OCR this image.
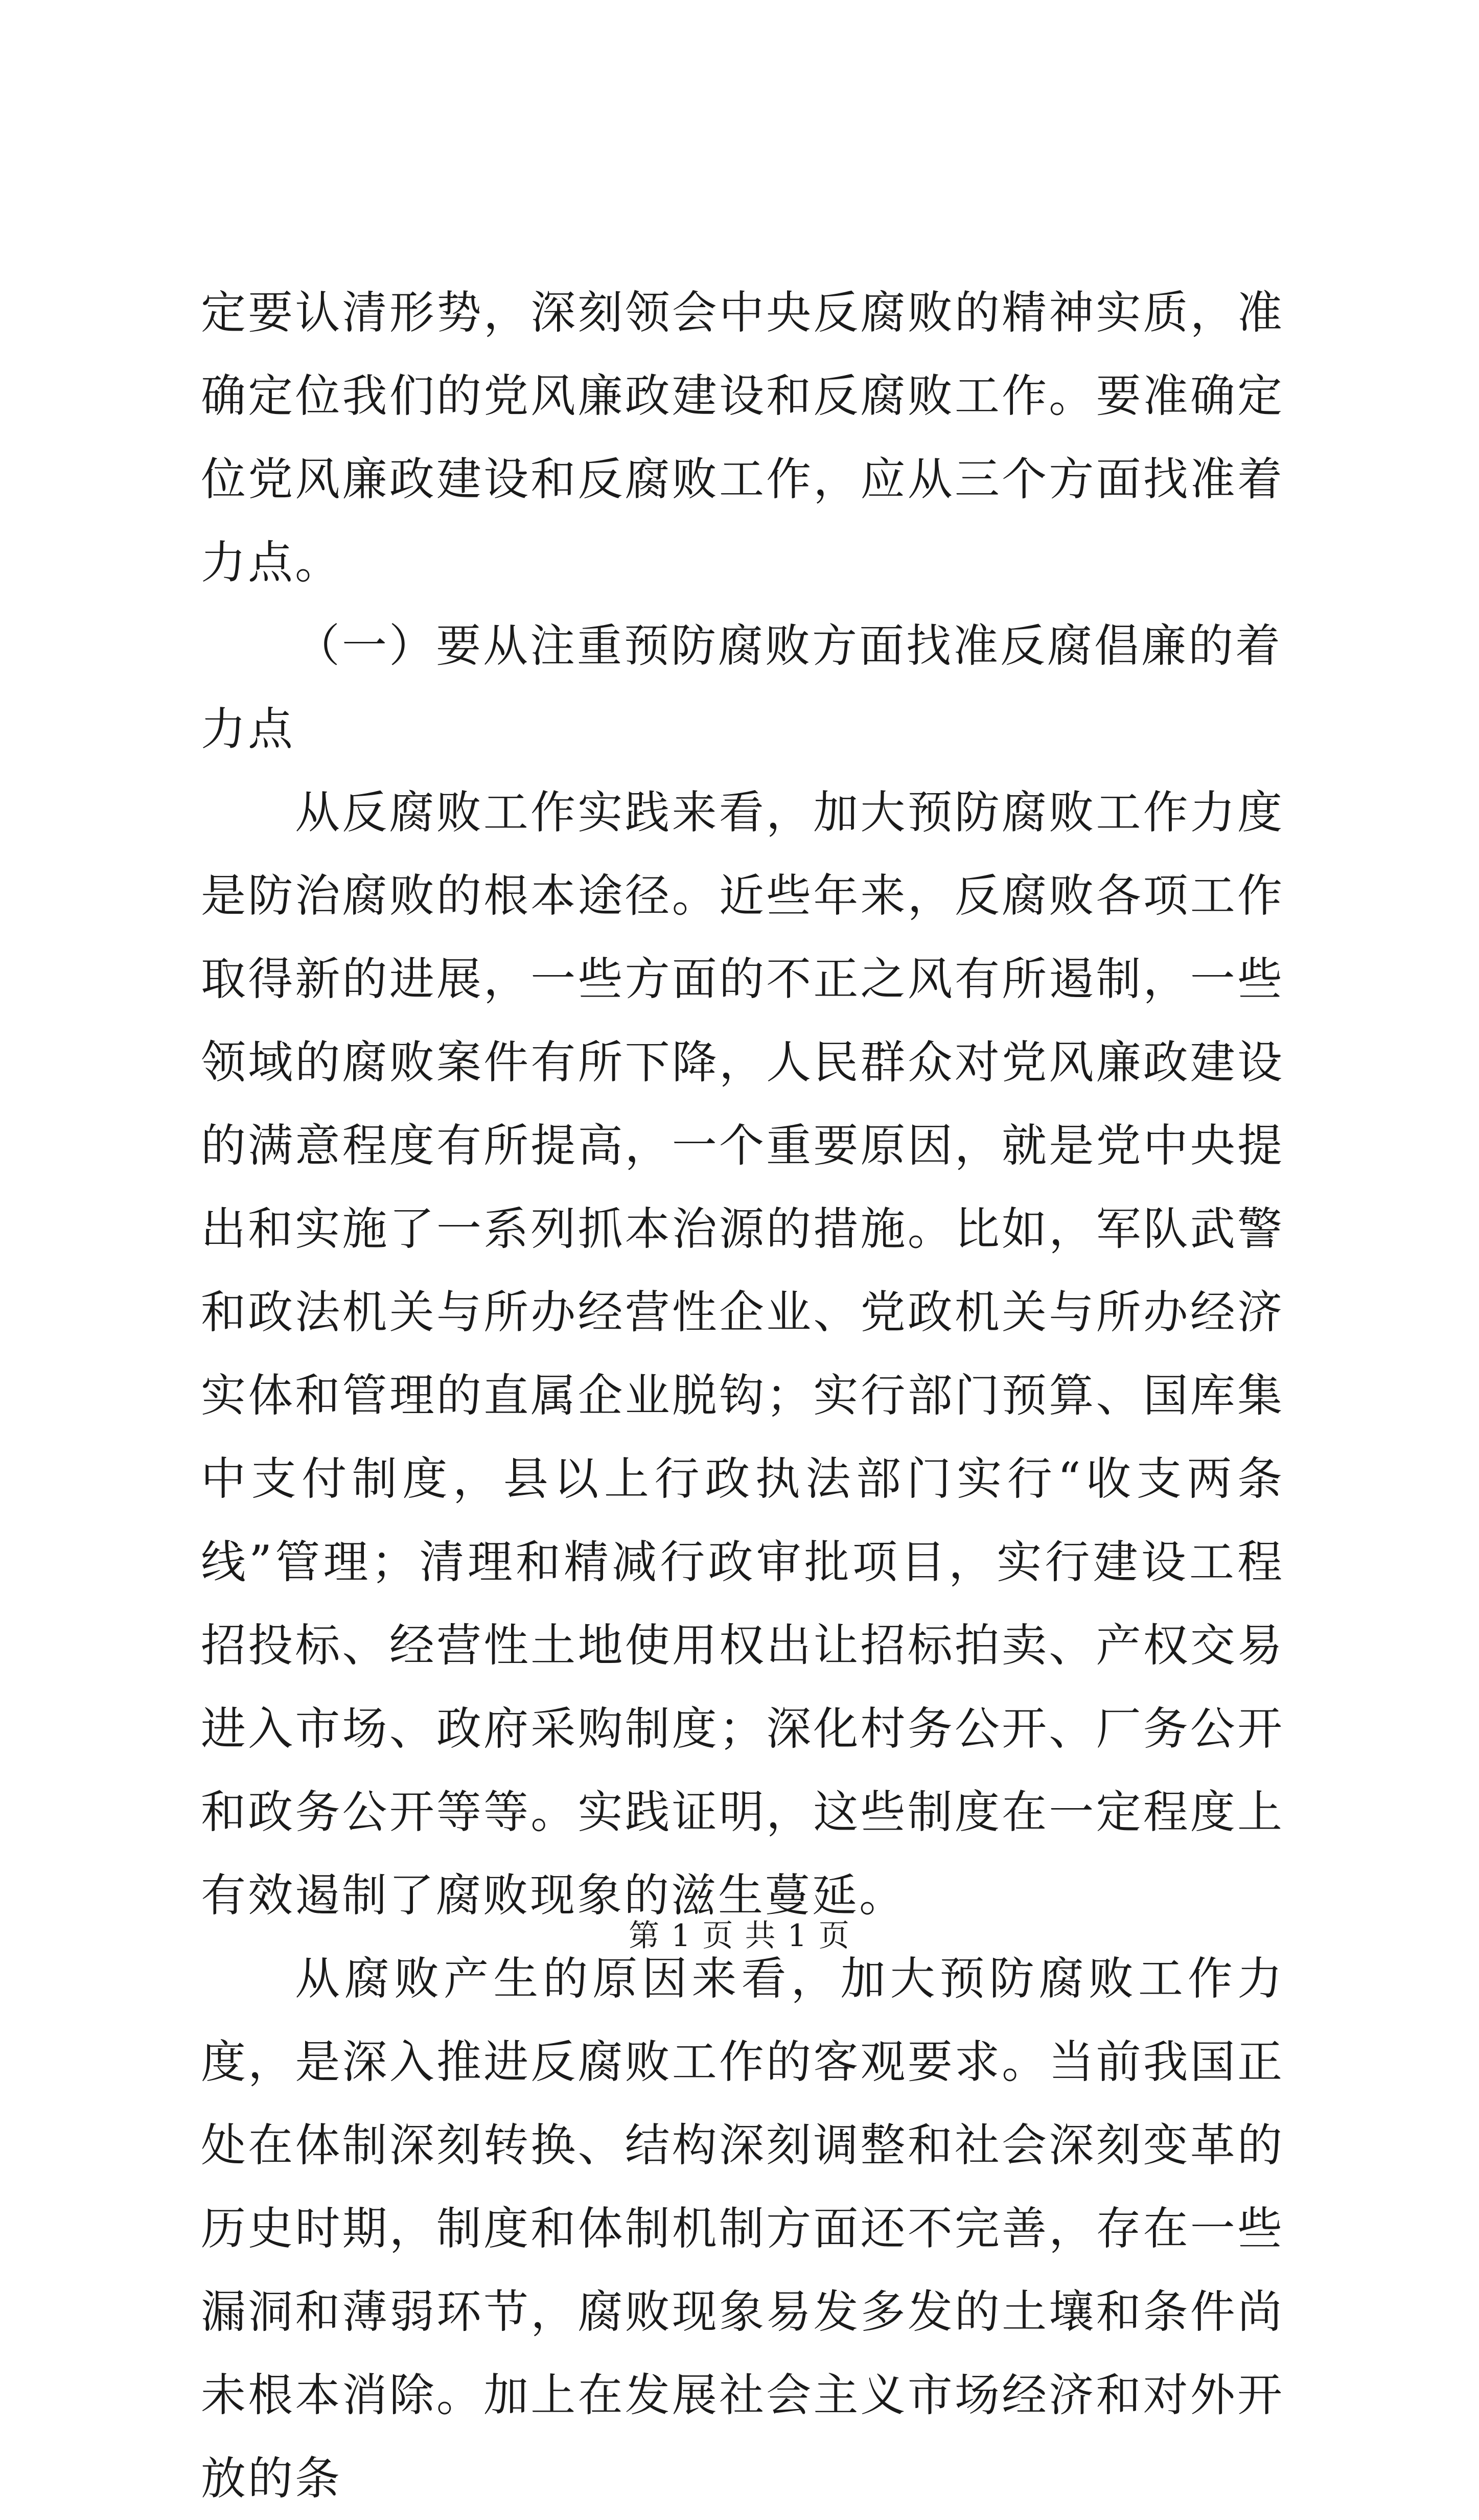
定要认清形势，深刻领会中央反腐败的精神实质，准确定位我们的党风廉政建设和反腐败工作。要准确定位党风廉政建设和反腐败工作，应从三个方面找准着力点。

（一）要从注重预防腐败方面找准反腐倡廉的着力点

从反腐败工作实践来看，加大预防腐败工作力度是防治腐败的根本途径。近些年来，反腐败各项工作取得新的进展，一些方面的不正之风有所遏制，一些领域的腐败案件有所下降，人民群众对党风廉政建设的满意程度有所提高，一个重要原因，就是党中央提出和实施了一系列抓本治源的措施。比如，军队武警和政法机关与所办经营性企业、党政机关与所办经济实体和管理的直属企业脱钩；实行部门预算、国库集中支付制度，县以上行政执法部门实行“收支两条线”管理；清理和精减行政审批项目，实行建设工程招投标、经营性土地使用权出让招标拍卖、产权交易进入市场、政府采购制度；深化村务公开、厂务公开和政务公开等等。实践证明，这些制度在一定程度上有效遏制了腐败现象的滋生蔓延。

从腐败产生的原因来看，加大预防腐败工作力度，是深入推进反腐败工作的客观要求。当前我国正处在体制深刻转换、结构深刻调整和社会深刻变革的历史时期，制度和体制机制方面还不完善，存在一些漏洞和薄弱环节，腐败现象易发多发的土壤和条件尚未根本消除。加上在发展社会主义市场经济和对外开放的条

第 1 页 共 1 页
